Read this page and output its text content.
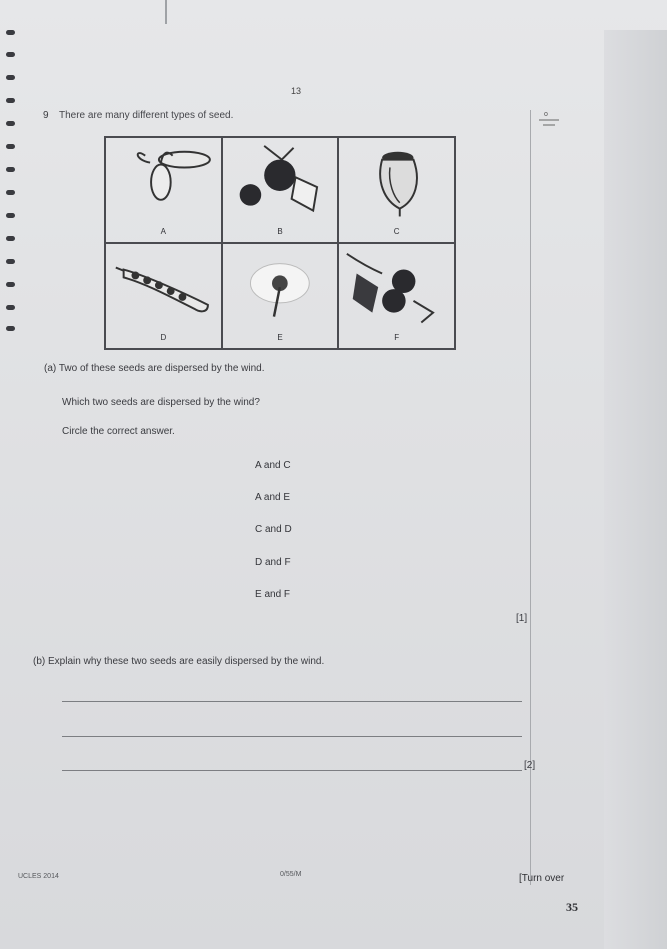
13
o
9 There are many different types of seed.
A	B	C
D	E	F
(a) Two of these seeds are dispersed by the wind.
Which two seeds are dispersed by the wind?
Circle the correct answer.
A and C
A and E
C and D
D and F
E and F
[1]
(b) Explain why these two seeds are easily dispersed by the wind.
[2]
UCLES 2014	0/55/M	[Turn over
35
